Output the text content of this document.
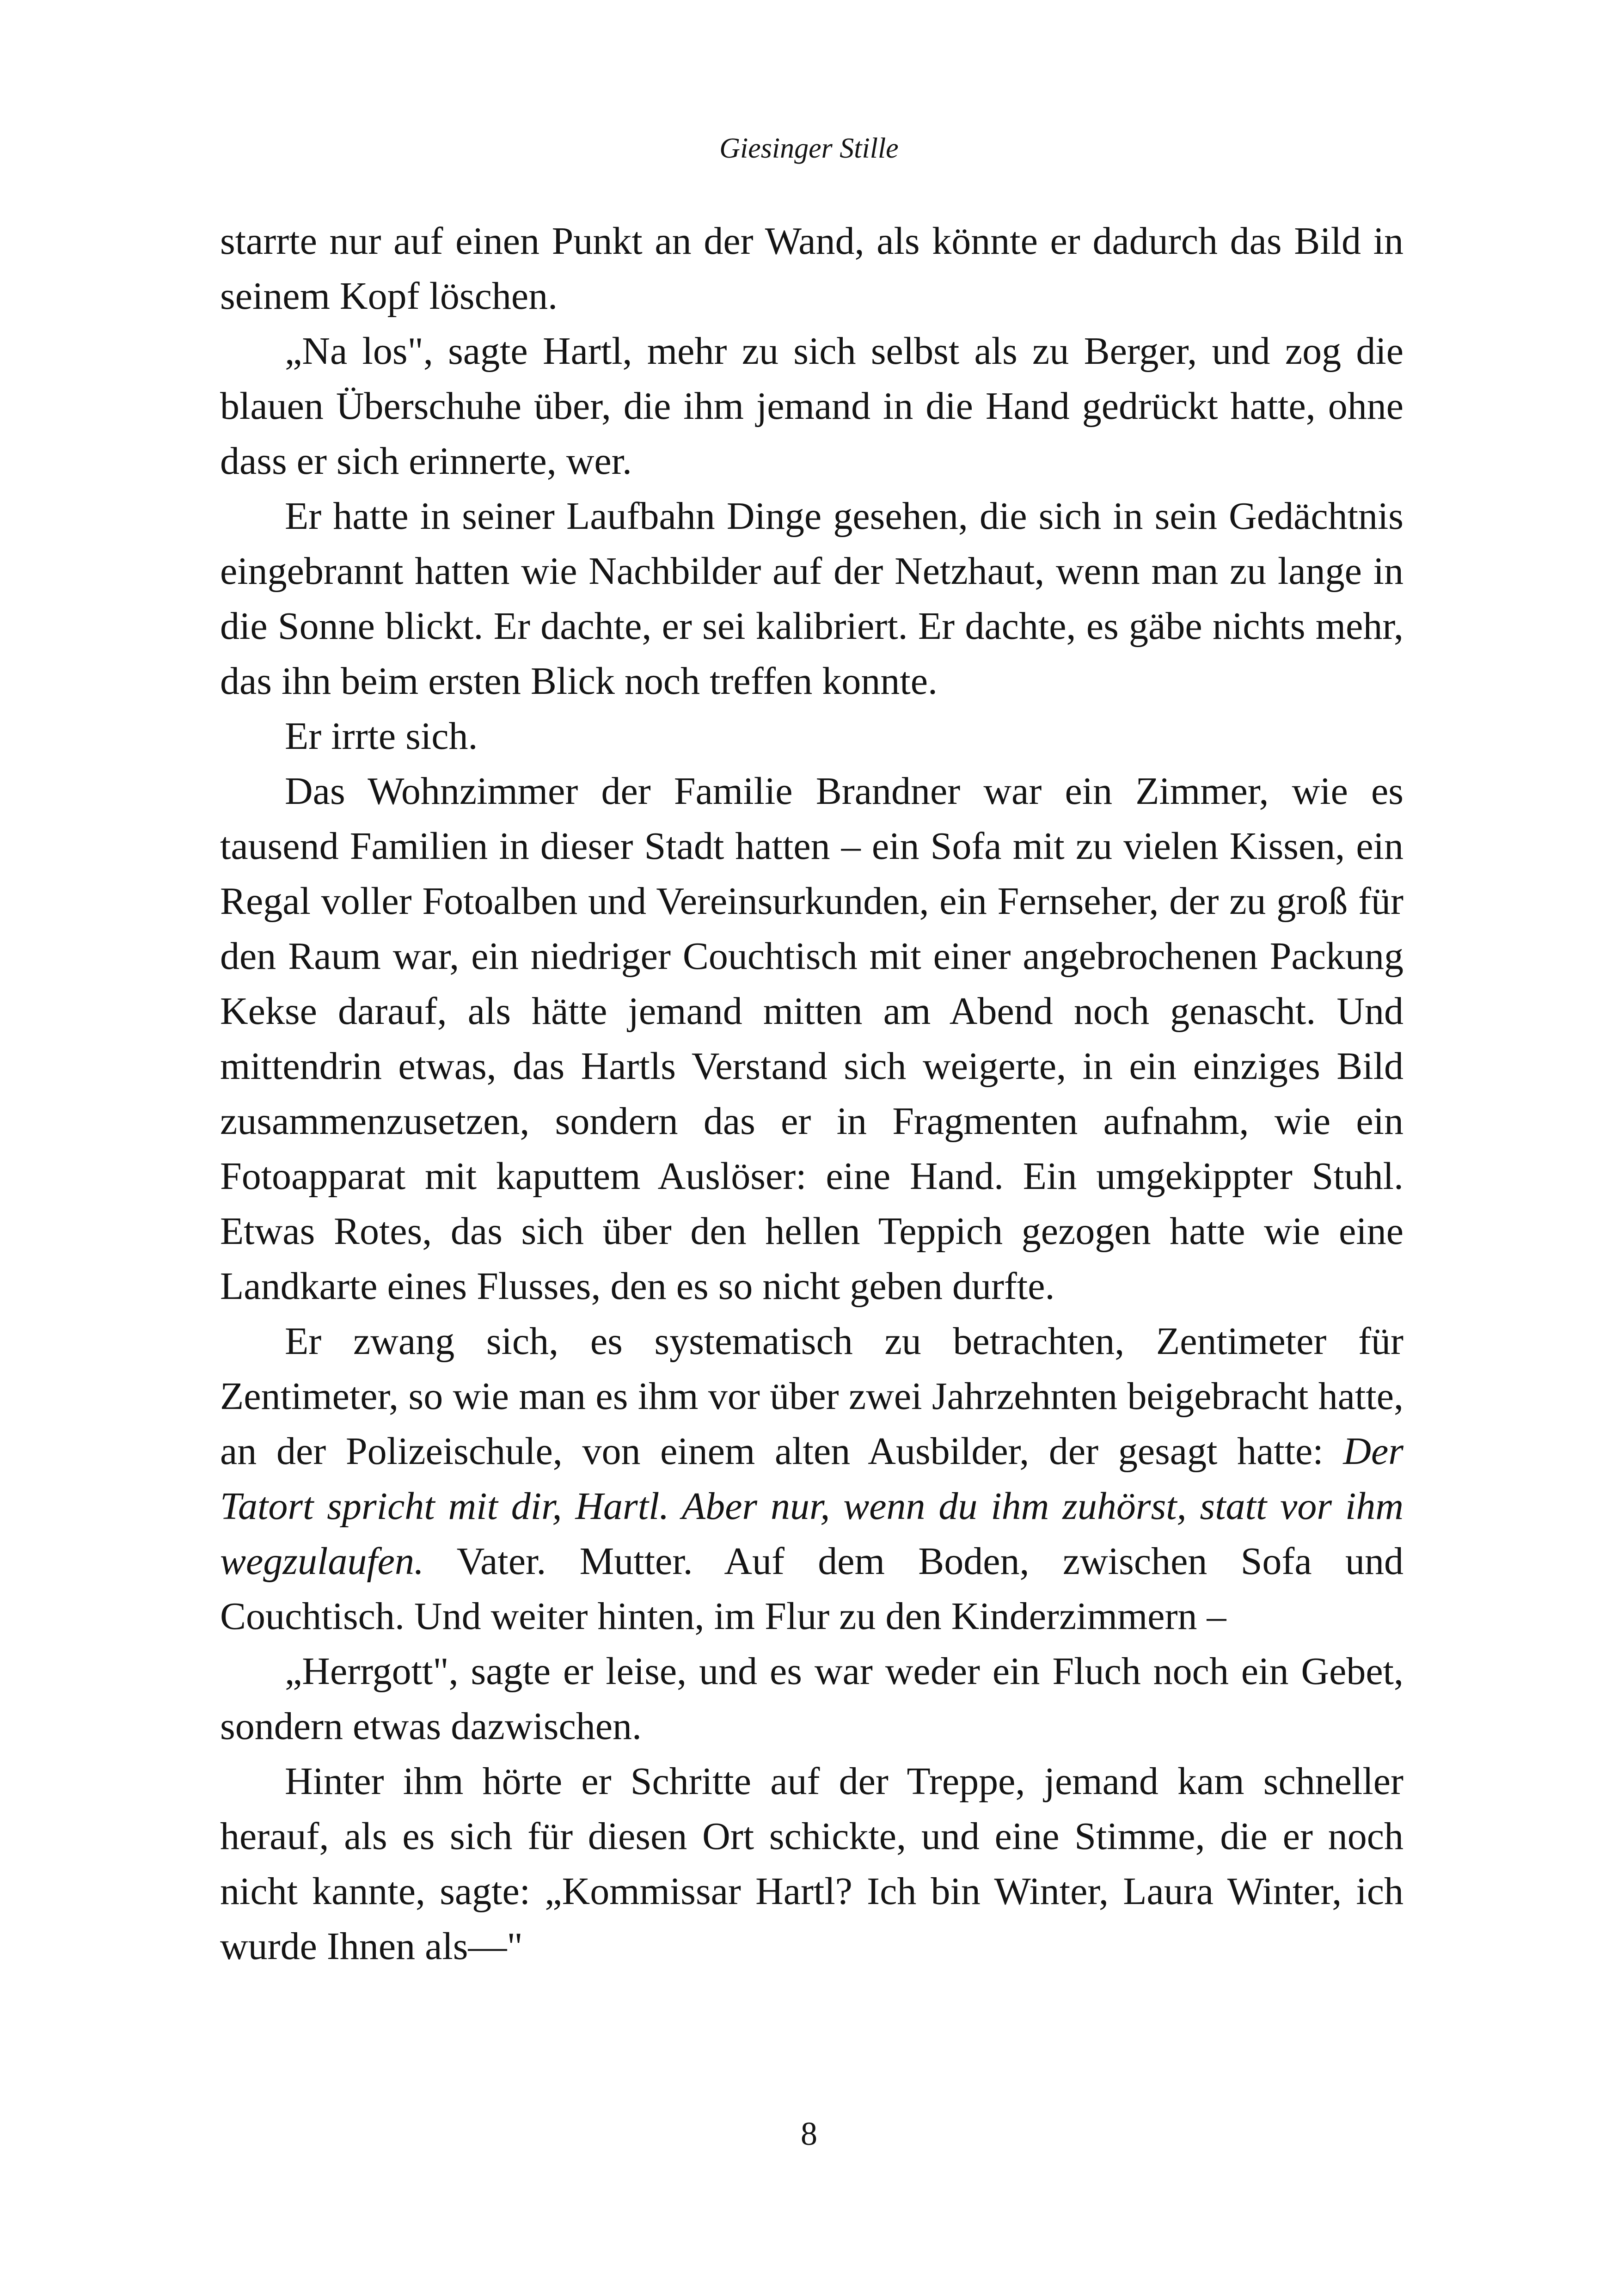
Giesinger Stille

starrte nur auf einen Punkt an der Wand, als könnte er dadurch das Bild in seinem Kopf löschen.

„Na los", sagte Hartl, mehr zu sich selbst als zu Berger, und zog die blauen Überschuhe über, die ihm jemand in die Hand gedrückt hatte, ohne dass er sich erinnerte, wer.

Er hatte in seiner Laufbahn Dinge gesehen, die sich in sein Gedächtnis eingebrannt hatten wie Nachbilder auf der Netzhaut, wenn man zu lange in die Sonne blickt. Er dachte, er sei kalibriert. Er dachte, es gäbe nichts mehr, das ihn beim ersten Blick noch treffen konnte.

Er irrte sich.

Das Wohnzimmer der Familie Brandner war ein Zimmer, wie es tausend Familien in dieser Stadt hatten – ein Sofa mit zu vielen Kissen, ein Regal voller Fotoalben und Vereinsurkunden, ein Fernseher, der zu groß für den Raum war, ein niedriger Couchtisch mit einer angebrochenen Packung Kekse darauf, als hätte jemand mitten am Abend noch genascht. Und mittendrin etwas, das Hartls Verstand sich weigerte, in ein einziges Bild zusammenzusetzen, sondern das er in Fragmenten aufnahm, wie ein Fotoapparat mit kaputtem Auslöser: eine Hand. Ein umgekippter Stuhl. Etwas Rotes, das sich über den hellen Teppich gezogen hatte wie eine Landkarte eines Flusses, den es so nicht geben durfte.

Er zwang sich, es systematisch zu betrachten, Zentimeter für Zentimeter, so wie man es ihm vor über zwei Jahrzehnten beigebracht hatte, an der Polizeischule, von einem alten Ausbilder, der gesagt hatte: Der Tatort spricht mit dir, Hartl. Aber nur, wenn du ihm zuhörst, statt vor ihm wegzulaufen. Vater. Mutter. Auf dem Boden, zwischen Sofa und Couchtisch. Und weiter hinten, im Flur zu den Kinderzimmern –

„Herrgott", sagte er leise, und es war weder ein Fluch noch ein Gebet, sondern etwas dazwischen.

Hinter ihm hörte er Schritte auf der Treppe, jemand kam schneller herauf, als es sich für diesen Ort schickte, und eine Stimme, die er noch nicht kannte, sagte: „Kommissar Hartl? Ich bin Winter, Laura Winter, ich wurde Ihnen als—"

8
